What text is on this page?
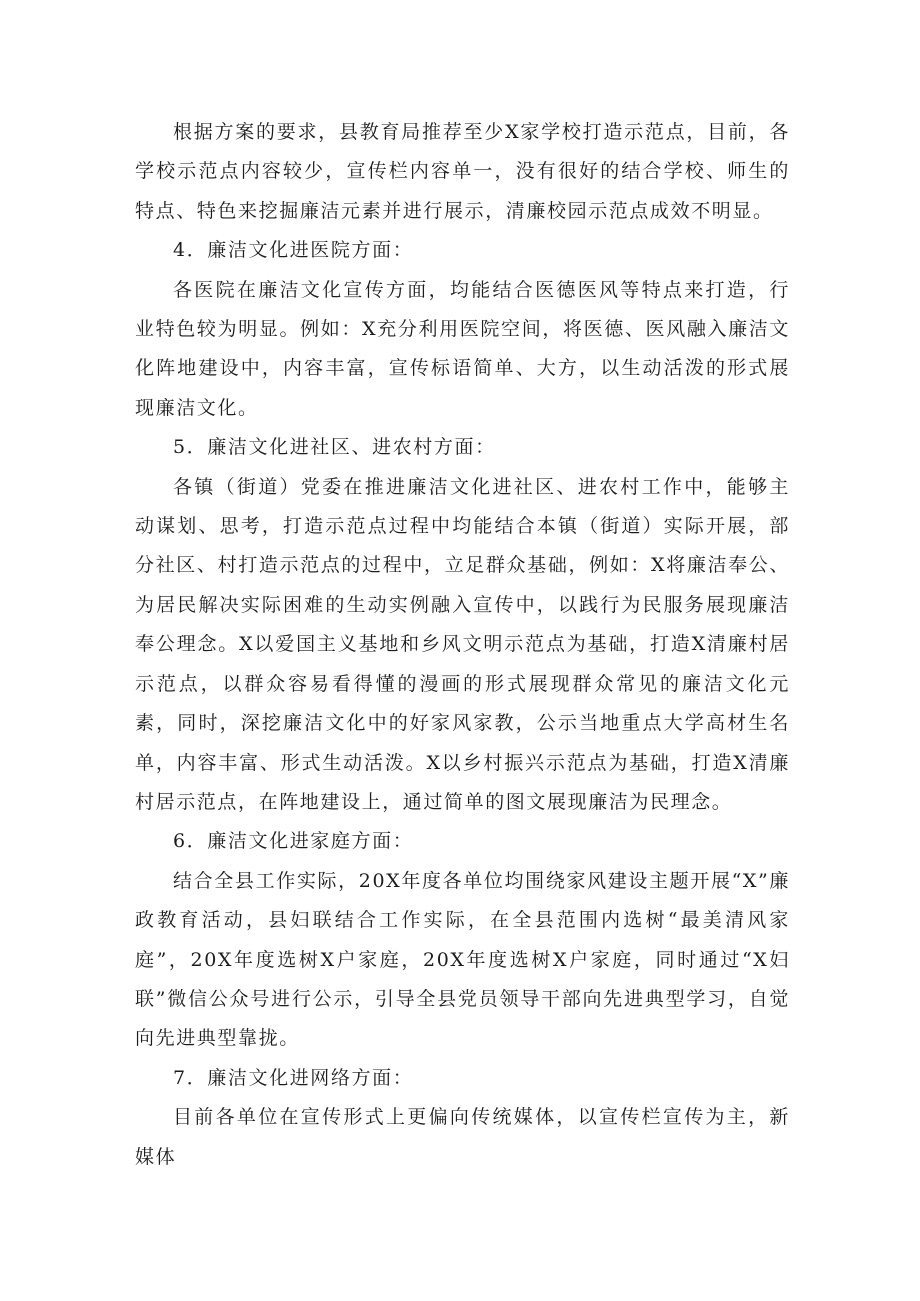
根据方案的要求，县教育局推荐至少X家学校打造示范点，目前，各学校示范点内容较少，宣传栏内容单一，没有很好的结合学校、师生的特点、特色来挖掘廉洁元素并进行展示，清廉校园示范点成效不明显。

4．廉洁文化进医院方面：

各医院在廉洁文化宣传方面，均能结合医德医风等特点来打造，行业特色较为明显。例如：X充分利用医院空间，将医德、医风融入廉洁文化阵地建设中，内容丰富，宣传标语简单、大方，以生动活泼的形式展现廉洁文化。

5．廉洁文化进社区、进农村方面：

各镇（街道）党委在推进廉洁文化进社区、进农村工作中，能够主动谋划、思考，打造示范点过程中均能结合本镇（街道）实际开展，部分社区、村打造示范点的过程中，立足群众基础，例如：X将廉洁奉公、为居民解决实际困难的生动实例融入宣传中，以践行为民服务展现廉洁奉公理念。X以爱国主义基地和乡风文明示范点为基础，打造X清廉村居示范点，以群众容易看得懂的漫画的形式展现群众常见的廉洁文化元素，同时，深挖廉洁文化中的好家风家教，公示当地重点大学高材生名单，内容丰富、形式生动活泼。X以乡村振兴示范点为基础，打造X清廉村居示范点，在阵地建设上，通过简单的图文展现廉洁为民理念。

6．廉洁文化进家庭方面：

结合全县工作实际，20X年度各单位均围绕家风建设主题开展“X”廉政教育活动，县妇联结合工作实际，在全县范围内选树“最美清风家庭”，20X年度选树X户家庭，20X年度选树X户家庭，同时通过“X妇联”微信公众号进行公示，引导全县党员领导干部向先进典型学习，自觉向先进典型靠拢。

7．廉洁文化进网络方面：

目前各单位在宣传形式上更偏向传统媒体，以宣传栏宣传为主，新媒体
